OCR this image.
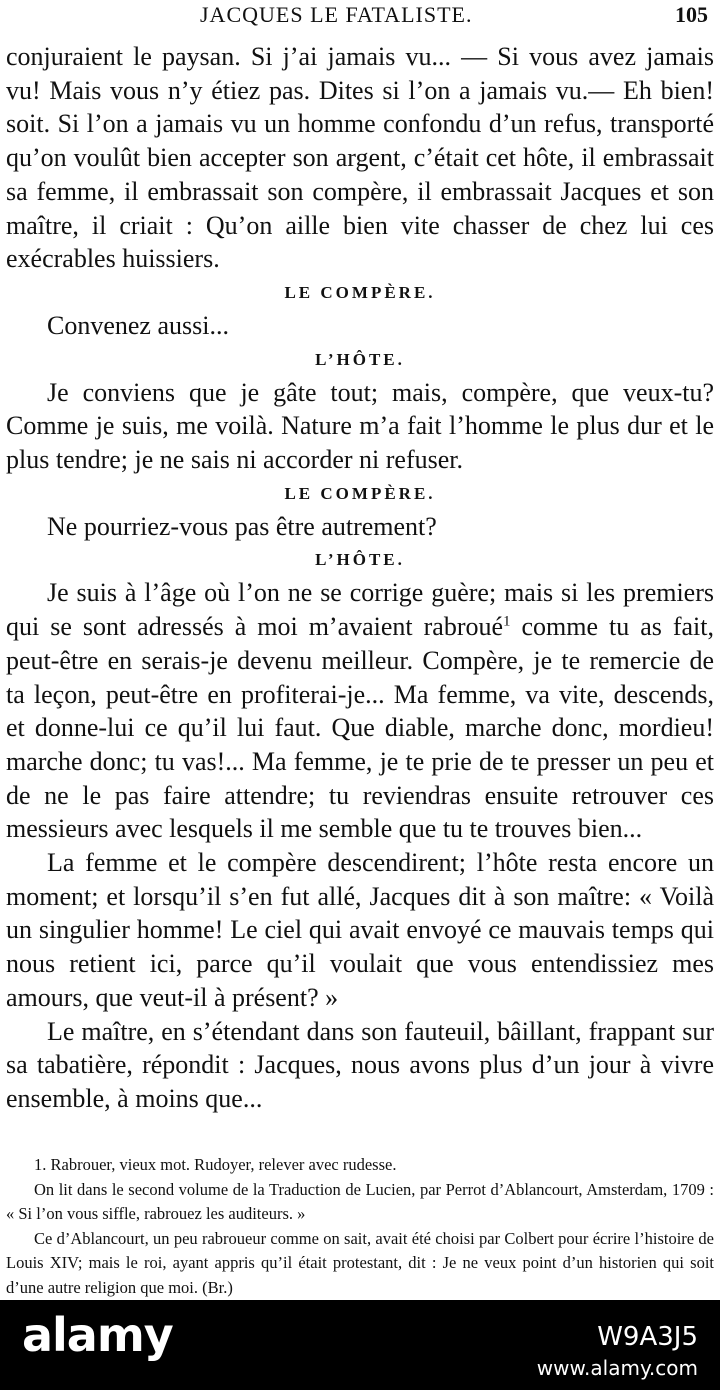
JACQUES LE FATALISTE.	105

conjuraient le paysan. Si j’ai jamais vu... — Si vous avez jamais vu! Mais vous n’y étiez pas. Dites si l’on a jamais vu.— Eh bien! soit. Si l’on a jamais vu un homme confondu d’un refus, transporté qu’on voulût bien accepter son argent, c’était cet hôte, il embrassait sa femme, il embrassait son compère, il embrassait Jacques et son maître, il criait : Qu’on aille bien vite chasser de chez lui ces exécrables huissiers.

LE COMPÈRE.

Convenez aussi...

L’HÔTE.

Je conviens que je gâte tout; mais, compère, que veux-tu? Comme je suis, me voilà. Nature m’a fait l’homme le plus dur et le plus tendre; je ne sais ni accorder ni refuser.

LE COMPÈRE.

Ne pourriez-vous pas être autrement?

L’HÔTE.

Je suis à l’âge où l’on ne se corrige guère; mais si les premiers qui se sont adressés à moi m’avaient rabroué$^1$ comme tu as fait, peut-être en serais-je devenu meilleur. Compère, je te remercie de ta leçon, peut-être en profiterai-je... Ma femme, va vite, descends, et donne-lui ce qu’il lui faut. Que diable, marche donc, mordieu! marche donc; tu vas!... Ma femme, je te prie de te presser un peu et de ne le pas faire attendre; tu reviendras ensuite retrouver ces messieurs avec lesquels il me semble que tu te trouves bien...

La femme et le compère descendirent; l’hôte resta encore un moment; et lorsqu’il s’en fut allé, Jacques dit à son maître: « Voilà un singulier homme! Le ciel qui avait envoyé ce mauvais temps qui nous retient ici, parce qu’il voulait que vous entendissiez mes amours, que veut-il à présent? »

Le maître, en s’étendant dans son fauteuil, bâillant, frappant sur sa tabatière, répondit : Jacques, nous avons plus d’un jour à vivre ensemble, à moins que...

1. Rabrouer, vieux mot. Rudoyer, relever avec rudesse.

On lit dans le second volume de la Traduction de Lucien, par Perrot d’Ablancourt, Amsterdam, 1709 : « Si l’on vous siffle, rabrouez les auditeurs. »

Ce d’Ablancourt, un peu rabroueur comme on sait, avait été choisi par Colbert pour écrire l’histoire de Louis XIV; mais le roi, ayant appris qu’il était protestant, dit : Je ne veux point d’un historien qui soit d’une autre religion que moi. (Br.)

alamy	W9A3J5
www.alamy.com
